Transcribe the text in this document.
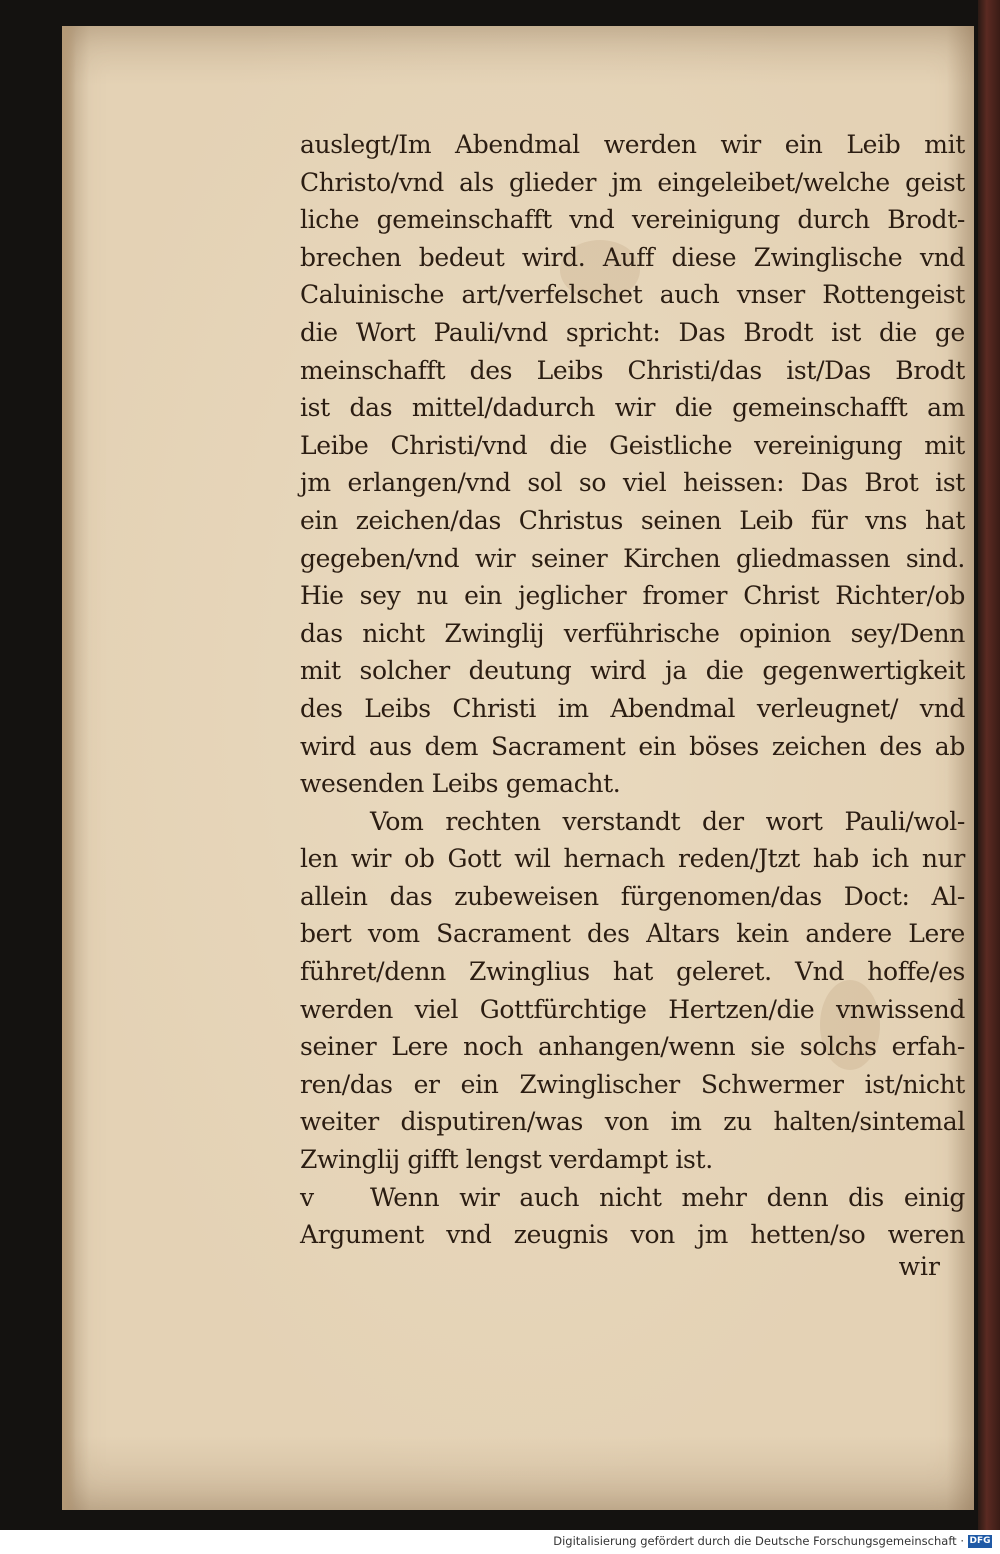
auslegt/Im Abendmal werden wir ein Leib mit
Christo/vnd als glieder jm eingeleibet/welche geist
liche gemeinschafft vnd vereinigung durch Brodt-
brechen bedeut wird. Auff diese Zwinglische vnd
Caluinische art/verfelschet auch vnser Rottengeist
die Wort Pauli/vnd spricht: Das Brodt ist die ge
meinschafft des Leibs Christi/das ist/Das Brodt
ist das mittel/dadurch wir die gemeinschafft am
Leibe Christi/vnd die Geistliche vereinigung mit
jm erlangen/vnd sol so viel heissen: Das Brot ist
ein zeichen/das Christus seinen Leib für vns hat
gegeben/vnd wir seiner Kirchen gliedmassen sind.
Hie sey nu ein jeglicher fromer Christ Richter/ob
das nicht Zwinglij verführische opinion sey/Denn
mit solcher deutung wird ja die gegenwertigkeit
des Leibs Christi im Abendmal verleugnet/ vnd
wird aus dem Sacrament ein böses zeichen des ab
wesenden Leibs gemacht.
Vom rechten verstandt der wort Pauli/wol-
len wir ob Gott wil hernach reden/Jtzt hab ich nur
allein das zubeweisen fürgenomen/das Doct: Al-
bert vom Sacrament des Altars kein andere Lere
führet/denn Zwinglius hat geleret. Vnd hoffe/es
werden viel Gottfürchtige Hertzen/die vnwissend
seiner Lere noch anhangen/wenn sie solchs erfah-
ren/das er ein Zwinglischer Schwermer ist/nicht
weiter disputiren/was von im zu halten/sintemal
Zwinglij gifft lengst verdampt ist.
v Wenn wir auch nicht mehr denn dis einig
Argument vnd zeugnis von jm hetten/so weren
wir
Digitalisierung gefördert durch die Deutsche Forschungsgemeinschaft · DFG
